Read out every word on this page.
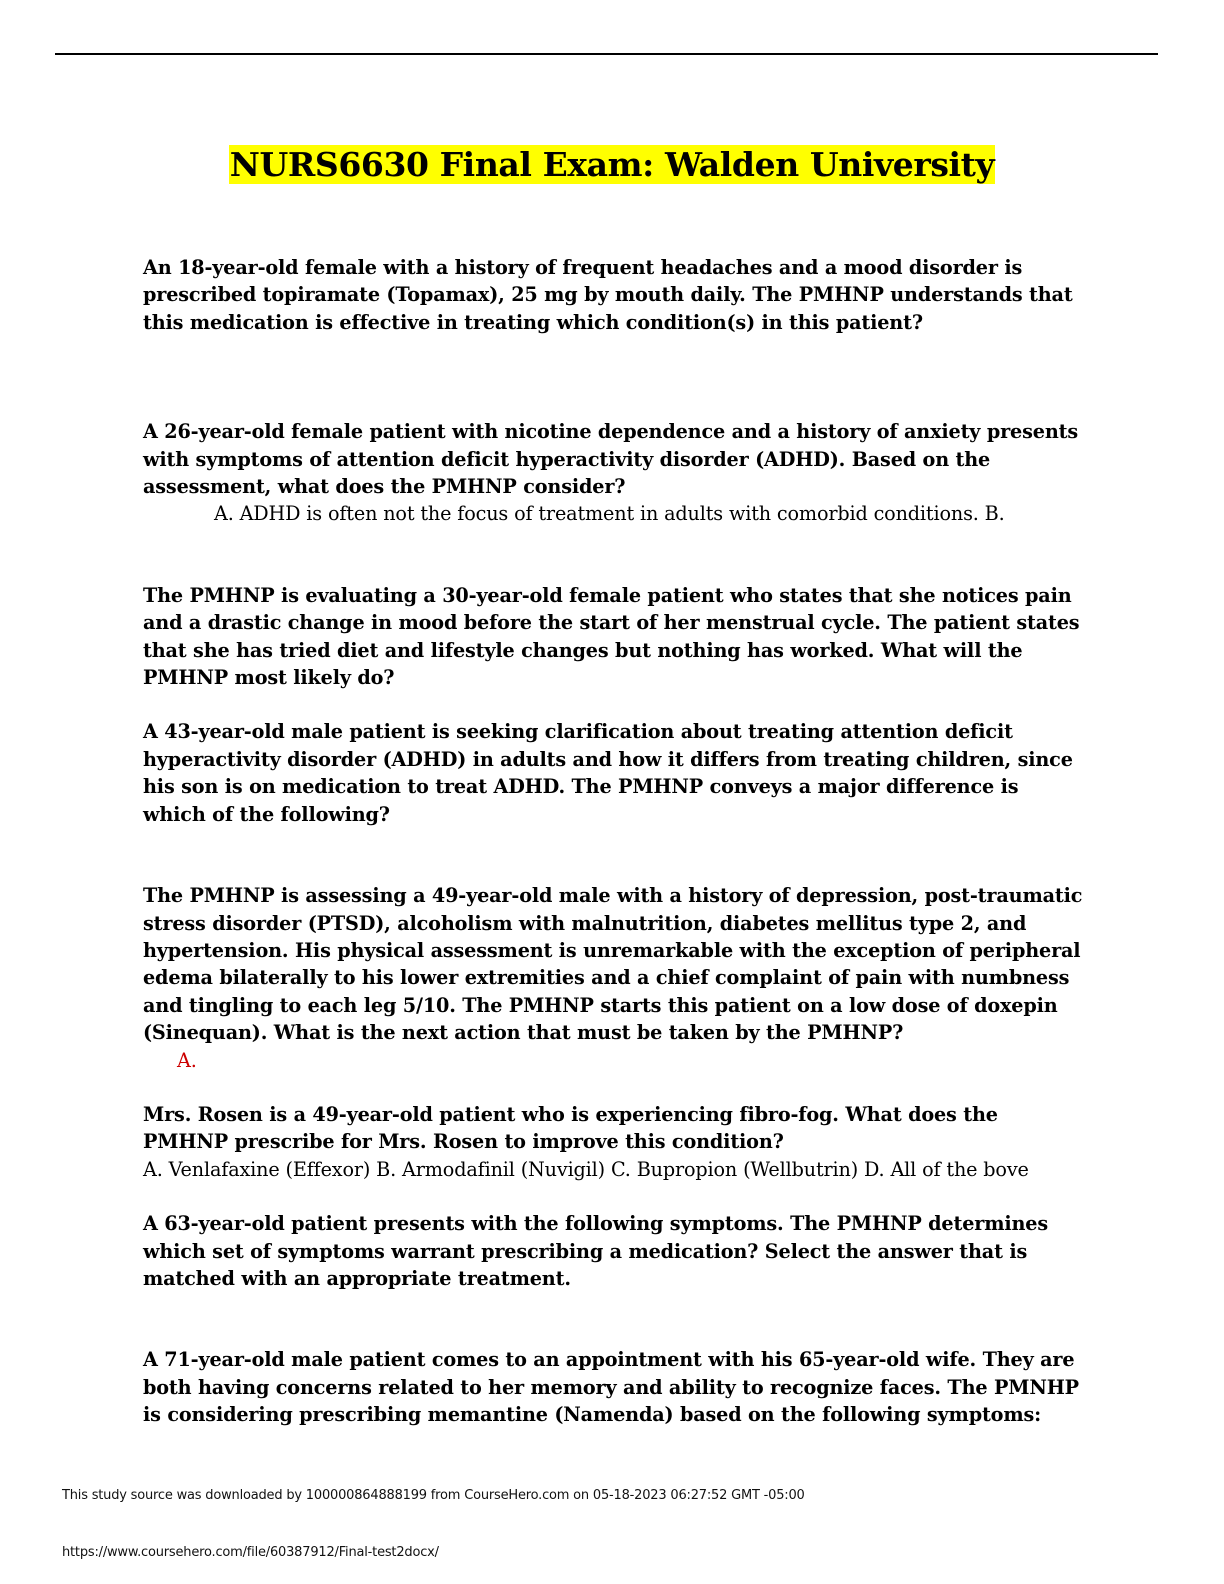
NURS6630 Final Exam: Walden University

An 18-year-old female with a history of frequent headaches and a mood disorder is prescribed topiramate (Topamax), 25 mg by mouth daily. The PMHNP understands that this medication is effective in treating which condition(s) in this patient?

A 26-year-old female patient with nicotine dependence and a history of anxiety presents with symptoms of attention deficit hyperactivity disorder (ADHD). Based on the assessment, what does the PMHNP consider?

A. ADHD is often not the focus of treatment in adults with comorbid conditions. B.

The PMHNP is evaluating a 30-year-old female patient who states that she notices pain and a drastic change in mood before the start of her menstrual cycle. The patient states that she has tried diet and lifestyle changes but nothing has worked. What will the PMHNP most likely do?

A 43-year-old male patient is seeking clarification about treating attention deficit hyperactivity disorder (ADHD) in adults and how it differs from treating children, since his son is on medication to treat ADHD. The PMHNP conveys a major difference is which of the following?

The PMHNP is assessing a 49-year-old male with a history of depression, post-traumatic stress disorder (PTSD), alcoholism with malnutrition, diabetes mellitus type 2, and hypertension. His physical assessment is unremarkable with the exception of peripheral edema bilaterally to his lower extremities and a chief complaint of pain with numbness and tingling to each leg 5/10. The PMHNP starts this patient on a low dose of doxepin (Sinequan). What is the next action that must be taken by the PMHNP?

A.

Mrs. Rosen is a 49-year-old patient who is experiencing fibro-fog. What does the PMHNP prescribe for Mrs. Rosen to improve this condition?

A. Venlafaxine (Effexor) B. Armodafinil (Nuvigil) C. Bupropion (Wellbutrin) D. All of the bove

A 63-year-old patient presents with the following symptoms. The PMHNP determines which set of symptoms warrant prescribing a medication? Select the answer that is matched with an appropriate treatment.

A 71-year-old male patient comes to an appointment with his 65-year-old wife. They are both having concerns related to her memory and ability to recognize faces. The PMNHP is considering prescribing memantine (Namenda) based on the following symptoms:

This study source was downloaded by 100000864888199 from CourseHero.com on 05-18-2023 06:27:52 GMT -05:00
https://www.coursehero.com/file/60387912/Final-test2docx/
